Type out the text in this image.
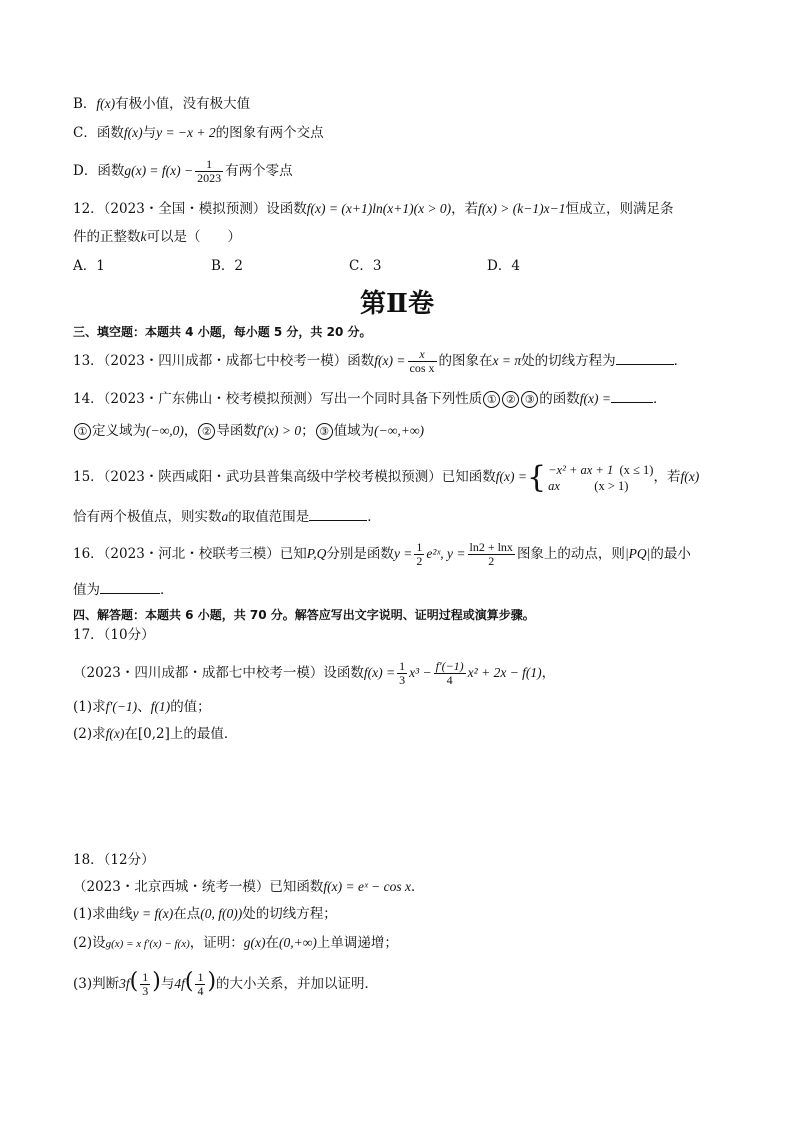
B．f(x)有极小值，没有极大值
C．函数f(x)与y = −x + 2的图象有两个交点
D．函数$g(x) = f(x) - \frac{1}{2023}$ 有两个零点
12．（2023・全国・模拟预测）设函数f(x) = (x+1)ln(x+1)(x > 0)，若f(x) > (k−1)x−1恒成立，则满足条
件的正整数k可以是（　　）
A．1	B．2	C．3	D．4
第Ⅱ卷
三、填空题：本题共 4 小题，每小题 5 分，共 20 分。
13．（2023・四川成都・成都七中校考一模）函数$f(x) = \frac{x}{\text{cos x}}$ 的图象在x = π处的切线方程为	．
14．（2023・广东佛山・校考模拟预测）写出一个同时具备下列性质 ① ② ③ 的函数f(x) =	．
① 定义域为(−∞,0)， ② 导函数f′(x) > 0； ③ 值域为(−∞,+∞)
15．（2023・陕西咸阳・武功县普集高级中学校考模拟预测）已知函数f(x) ={ −x² + ax + 1 (x ≤ 1)
ax	(x > 1)
，若f(x)
恰有两个极值点，则实数a的取值范围是	．
16．（2023・河北・校联考三模）已知P,Q分别是函数$y = \frac{1}{2}$ e²ˣ, $y = \frac{\ln 2 + \ln x}{2}$ 图象上的动点，则|PQ|的最小
值为	．
四、解答题：本题共 6 小题，共 70 分。解答应写出文字说明、证明过程或演算步骤。
17．（10分）
（2023・四川成都・成都七中校考一模）设函数$f(x) = \frac{1}{3} x^3 - \frac{f'(-1)}{4} x^2 + 2x - f(1)$，
(1)求f′(−1)、f(1)的值；
(2)求f(x)在[0,2]上的最值．
18．（12分）
（2023・北京西城・统考一模）已知函数f(x) = eˣ − cos x．
(1)求曲线y = f(x)在点(0, f(0))处的切线方程；
(2)设g(x) = x f′(x) − f(x)，证明：g(x)在(0,+∞)上单调递增；
(3)判断$3f( \frac{1}{3}$ )与$4f( \frac{1}{4}$ )的大小关系，并加以证明．
